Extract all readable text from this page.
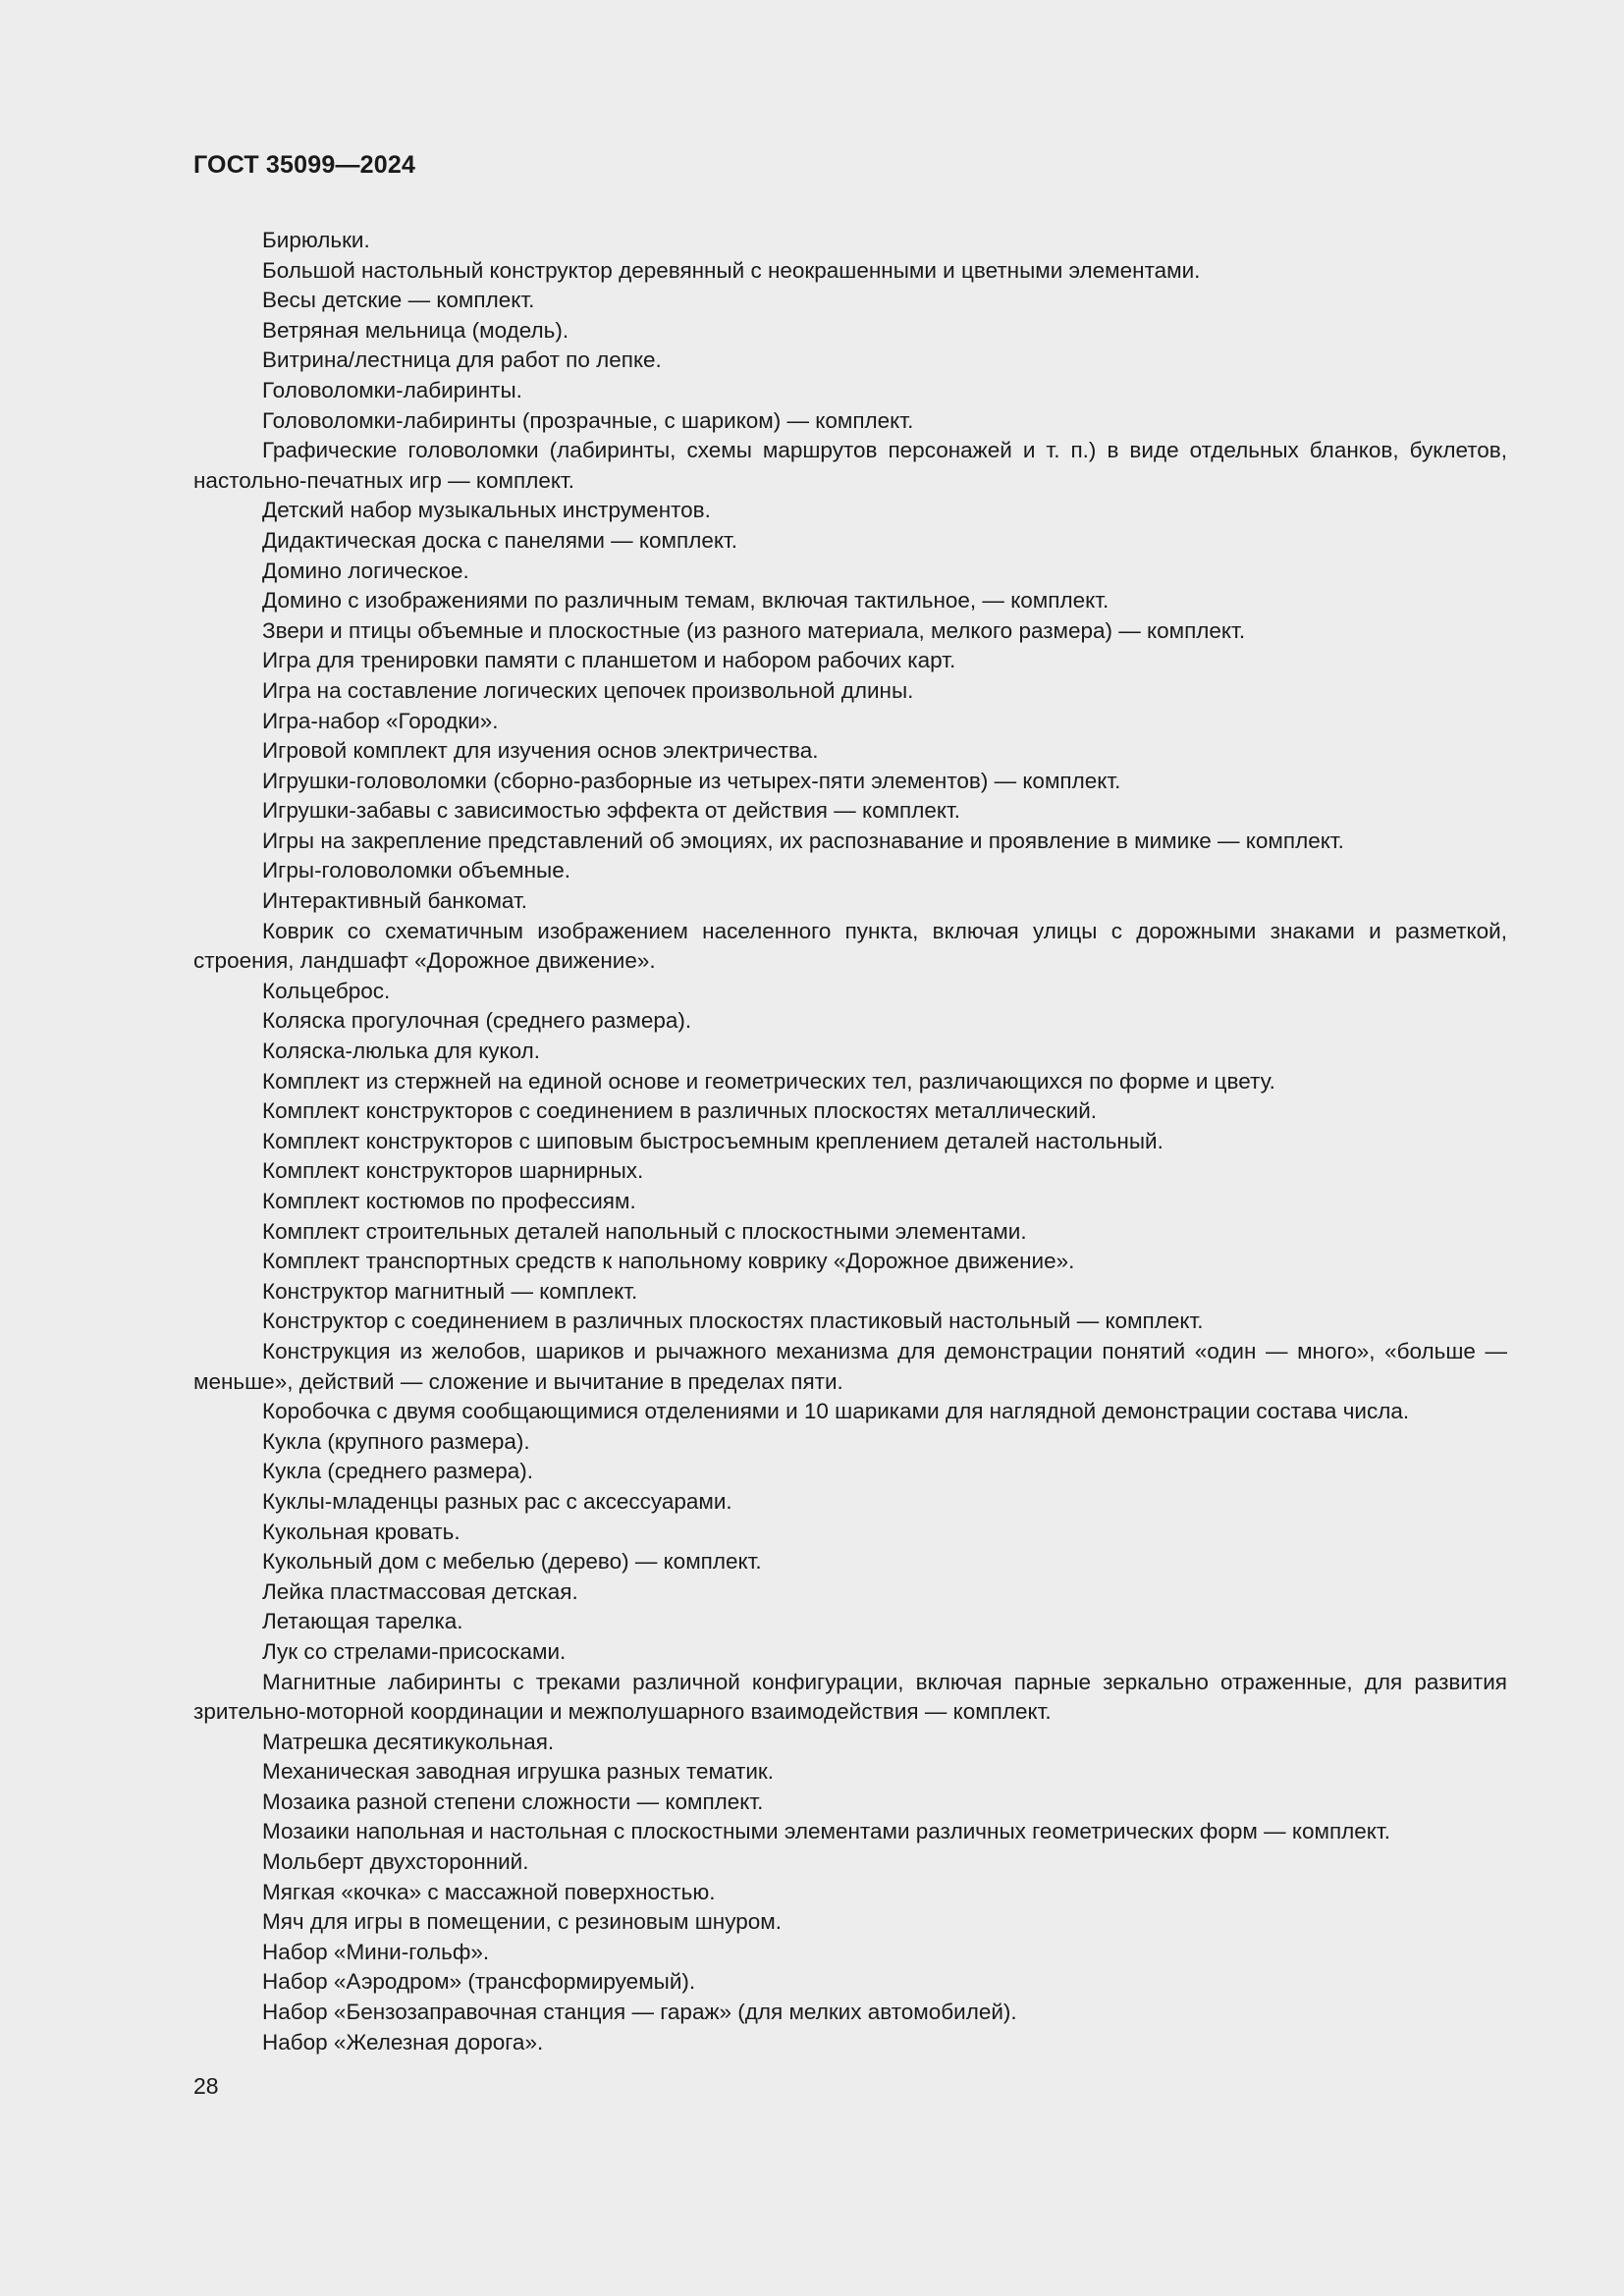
ГОСТ 35099—2024

Бирюльки.

Большой настольный конструктор деревянный с неокрашенными и цветными элементами.

Весы детские — комплект.

Ветряная мельница (модель).

Витрина/лестница для работ по лепке.

Головоломки-лабиринты.

Головоломки-лабиринты (прозрачные, с шариком) — комплект.

Графические головоломки (лабиринты, схемы маршрутов персонажей и т. п.) в виде отдельных бланков, буклетов, настольно-печатных игр — комплект.

Детский набор музыкальных инструментов.

Дидактическая доска с панелями — комплект.

Домино логическое.

Домино с изображениями по различным темам, включая тактильное, — комплект.

Звери и птицы объемные и плоскостные (из разного материала, мелкого размера) — комплект.

Игра для тренировки памяти с планшетом и набором рабочих карт.

Игра на составление логических цепочек произвольной длины.

Игра-набор «Городки».

Игровой комплект для изучения основ электричества.

Игрушки-головоломки (сборно-разборные из четырех-пяти элементов) — комплект.

Игрушки-забавы с зависимостью эффекта от действия — комплект.

Игры на закрепление представлений об эмоциях, их распознавание и проявление в мимике — комплект.

Игры-головоломки объемные.

Интерактивный банкомат.

Коврик со схематичным изображением населенного пункта, включая улицы с дорожными знаками и разметкой, строения, ландшафт «Дорожное движение».

Кольцеброс.

Коляска прогулочная (среднего размера).

Коляска-люлька для кукол.

Комплект из стержней на единой основе и геометрических тел, различающихся по форме и цвету.

Комплект конструкторов с соединением в различных плоскостях металлический.

Комплект конструкторов с шиповым быстросъемным креплением деталей настольный.

Комплект конструкторов шарнирных.

Комплект костюмов по профессиям.

Комплект строительных деталей напольный с плоскостными элементами.

Комплект транспортных средств к напольному коврику «Дорожное движение».

Конструктор магнитный — комплект.

Конструктор с соединением в различных плоскостях пластиковый настольный — комплект.

Конструкция из желобов, шариков и рычажного механизма для демонстрации понятий «один — много», «больше — меньше», действий — сложение и вычитание в пределах пяти.

Коробочка с двумя сообщающимися отделениями и 10 шариками для наглядной демонстрации состава числа.

Кукла (крупного размера).

Кукла (среднего размера).

Куклы-младенцы разных рас с аксессуарами.

Кукольная кровать.

Кукольный дом с мебелью (дерево) — комплект.

Лейка пластмассовая детская.

Летающая тарелка.

Лук со стрелами-присосками.

Магнитные лабиринты с треками различной конфигурации, включая парные зеркально отраженные, для развития зрительно-моторной координации и межполушарного взаимодействия — комплект.

Матрешка десятикукольная.

Механическая заводная игрушка разных тематик.

Мозаика разной степени сложности — комплект.

Мозаики напольная и настольная с плоскостными элементами различных геометрических форм — комплект.

Мольберт двухсторонний.

Мягкая «кочка» с массажной поверхностью.

Мяч для игры в помещении, с резиновым шнуром.

Набор «Мини-гольф».

Набор «Аэродром» (трансформируемый).

Набор «Бензозаправочная станция — гараж» (для мелких автомобилей).

Набор «Железная дорога».

28
